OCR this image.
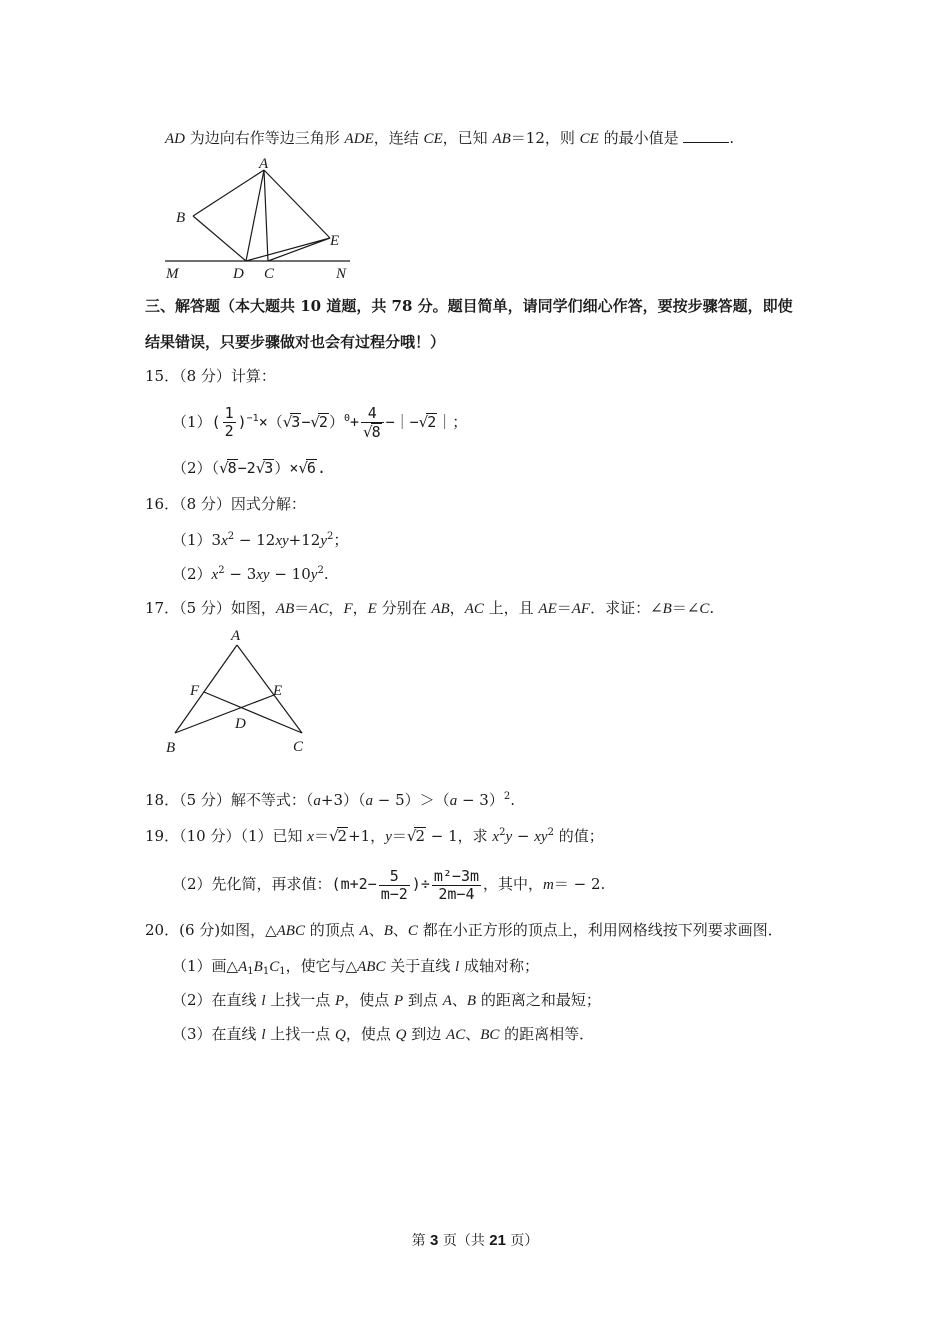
AD 为边向右作等边三角形 ADE，连结 CE，已知 AB＝12，则 CE 的最小值是	.
A
B
E
M	D C	N
三、解答题（本大题共 10 道题，共 78 分。题目简单，请同学们细心作答，要按步骤答题，即使
结果错误，只要步骤做对也会有过程分哦！）
15．（8 分）计算：
$(1)( \frac{1}{2} )^{-1}\times(√3-√2)^0+ \frac{4}{√8}$ −｜−√2｜；
（2）（√8−2√3）×√6.
16．（8 分）因式分解：
$(1)3x^2 - 12xy+12y^2$；
$(2)x^2 - 3xy - 10y^2$.
17．（5 分）如图，AB＝AC，F，E 分别在 AB，AC 上，且 AE＝AF．求证：∠B＝∠C.
A
F	E
D
B	C
18．（5 分）解不等式：$(a+3)(a - 5)>(a - 3)^2$.
19．（10 分）（1）已知 x＝√2+1，y＝√2 − 1，求 $x^2y - xy^2$ 的值；
（2）先化简，再求值：($m+2- \frac{5}{m-2}$ )÷ $\frac{\text{m²−3m}}{2m-4}$ ，其中，m＝ − 2.
20．(6 分)如图，△ABC 的顶点 A、B、C 都在小正方形的顶点上，利用网格线按下列要求画图．
（1）画$\triangle A_1B_1C_1$，使它与△ABC 关于直线 l 成轴对称；
（2）在直线 l 上找一点 P，使点 P 到点 A、B 的距离之和最短；
（3）在直线 l 上找一点 Q，使点 Q 到边 AC、BC 的距离相等．
第 3 页（共 21 页）
